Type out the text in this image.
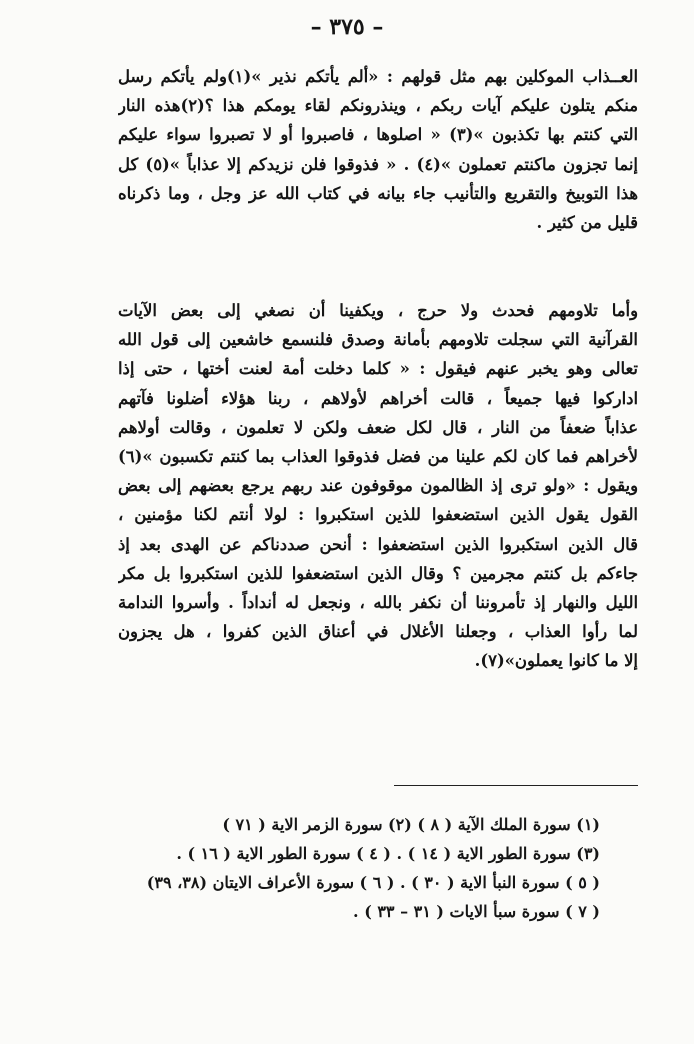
– ٣٧٥ –
العــذاب الموكلين بهم مثل قولهم : «ألم يأتكم نذير »(١)ولم يأتكم رسل
منكم يتلون عليكم آيات ربكم ، وينذرونكم لقاء يومكم هذا ؟(٢)هذه النار
التي كنتم بها تكذبون »(٣) « اصلوها ، فاصبروا أو لا تصبروا سواء عليكم
إنما تجزون ماكنتم تعملون »(٤) . « فذوقوا فلن نزيدكم إلا عذاباً »(٥) كل
هذا التوبيخ والتقريع والتأنيب جاء بيانه في كتاب الله عز وجل ، وما ذكرناه
قليل من كثير .
وأما تلاومهم فحدث ولا حرج ، ويكفينا أن نصغي إلى بعض الآيات
القرآنية التي سجلت تلاومهم بأمانة وصدق فلنسمع خاشعين إلى قول الله
تعالى وهو يخبر عنهم فيقول : « كلما دخلت أمة لعنت أختها ، حتى إذا
اداركوا فيها جميعاً ، قالت أخراهم لأولاهم ، ربنا هؤلاء أضلونا فآتهم
عذاباً ضعفاً من النار ، قال لكل ضعف ولكن لا تعلمون ، وقالت أولاهم
لأخراهم فما كان لكم علينا من فضل فذوقوا العذاب بما كنتم تكسبون »(٦)
ويقول : «ولو ترى إذ الظالمون موقوفون عند ربهم يرجع بعضهم إلى بعض
القول يقول الذين استضعفوا للذين استكبروا : لولا أنتم لكنا مؤمنين ،
قال الذين استكبروا الذين استضعفوا : أنحن صددناكم عن الهدى بعد إذ
جاءكم بل كنتم مجرمين ؟ وقال الذين استضعفوا للذين استكبروا بل مكر
الليل والنهار إذ تأمروننا أن نكفر بالله ، ونجعل له أنداداً . وأسروا الندامة
لما رأوا العذاب ، وجعلنا الأغلال في أعناق الذين كفروا ، هل يجزون
إلا ما كانوا يعملون»(٧).
(١) سورة الملك الآية ( ٨ ) (٢) سورة الزمر الاية ( ٧١ )
(٣) سورة الطور الاية ( ١٤ ) . ( ٤ ) سورة الطور الاية ( ١٦ ) .
( ٥ ) سورة النبأ الاية ( ٣٠ ) . ( ٦ ) سورة الأعراف الايتان (٣٨، ٣٩)
( ٧ ) سورة سبأ الايات ( ٣١ – ٣٣ ) .
